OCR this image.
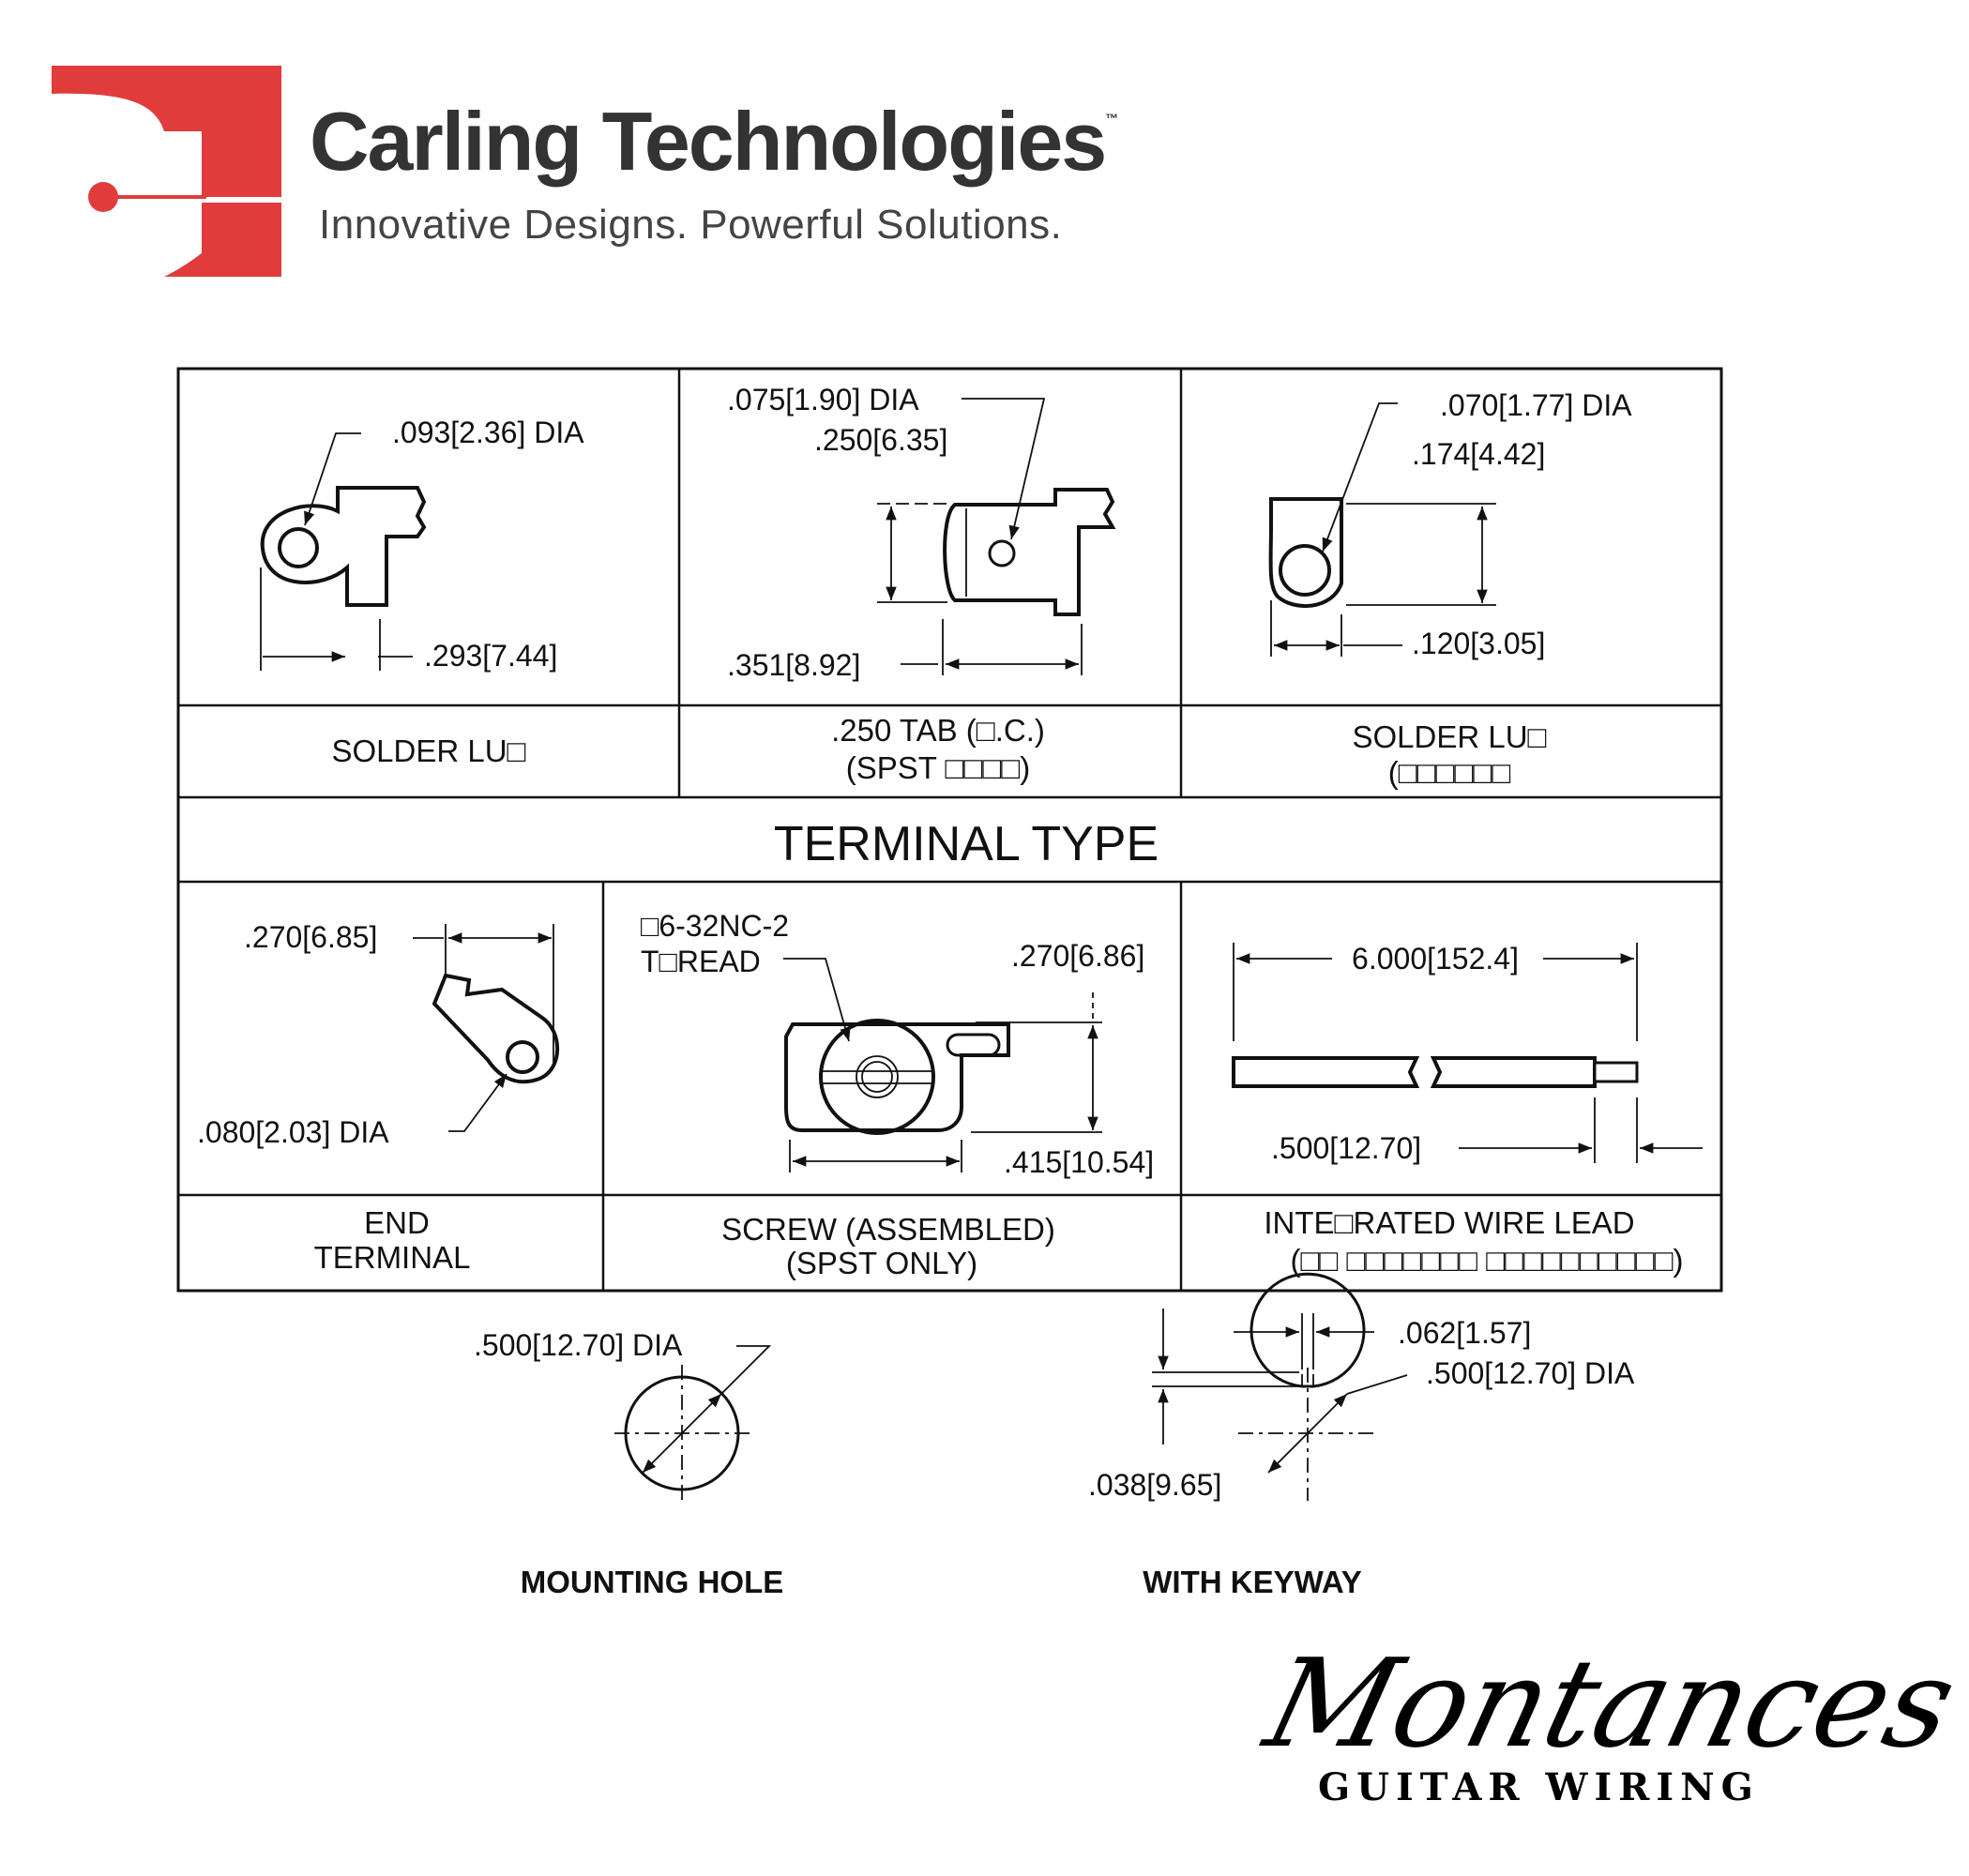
Carling Technologies™
Innovative Designs. Powerful Solutions.
.093[2.36] DIA
.293[7.44]
SOLDER LU□
.075[1.90] DIA
.250[6.35]
.351[8.92]
.250 TAB (□.C.)
(SPST □□□□)
.070[1.77] DIA
.174[4.42]
.120[3.05]
SOLDER LU□
(□□□□□□
TERMINAL TYPE
.270[6.85]
.080[2.03] DIA
END
TERMINAL
□6-32NC-2
T□READ	.270[6.86]
.415[10.54]
SCREW (ASSEMBLED)
(SPST ONLY)
6.000[152.4]
.500[12.70]
INTE□RATED WIRE LEAD
(□□ □□□□□□□ □□□□□□□□□□)
.500[12.70] DIA
MOUNTING HOLE
.062[1.57]
.500[12.70] DIA
.038[9.65]
WITH KEYWAY
Montances
GUITAR WIRING
